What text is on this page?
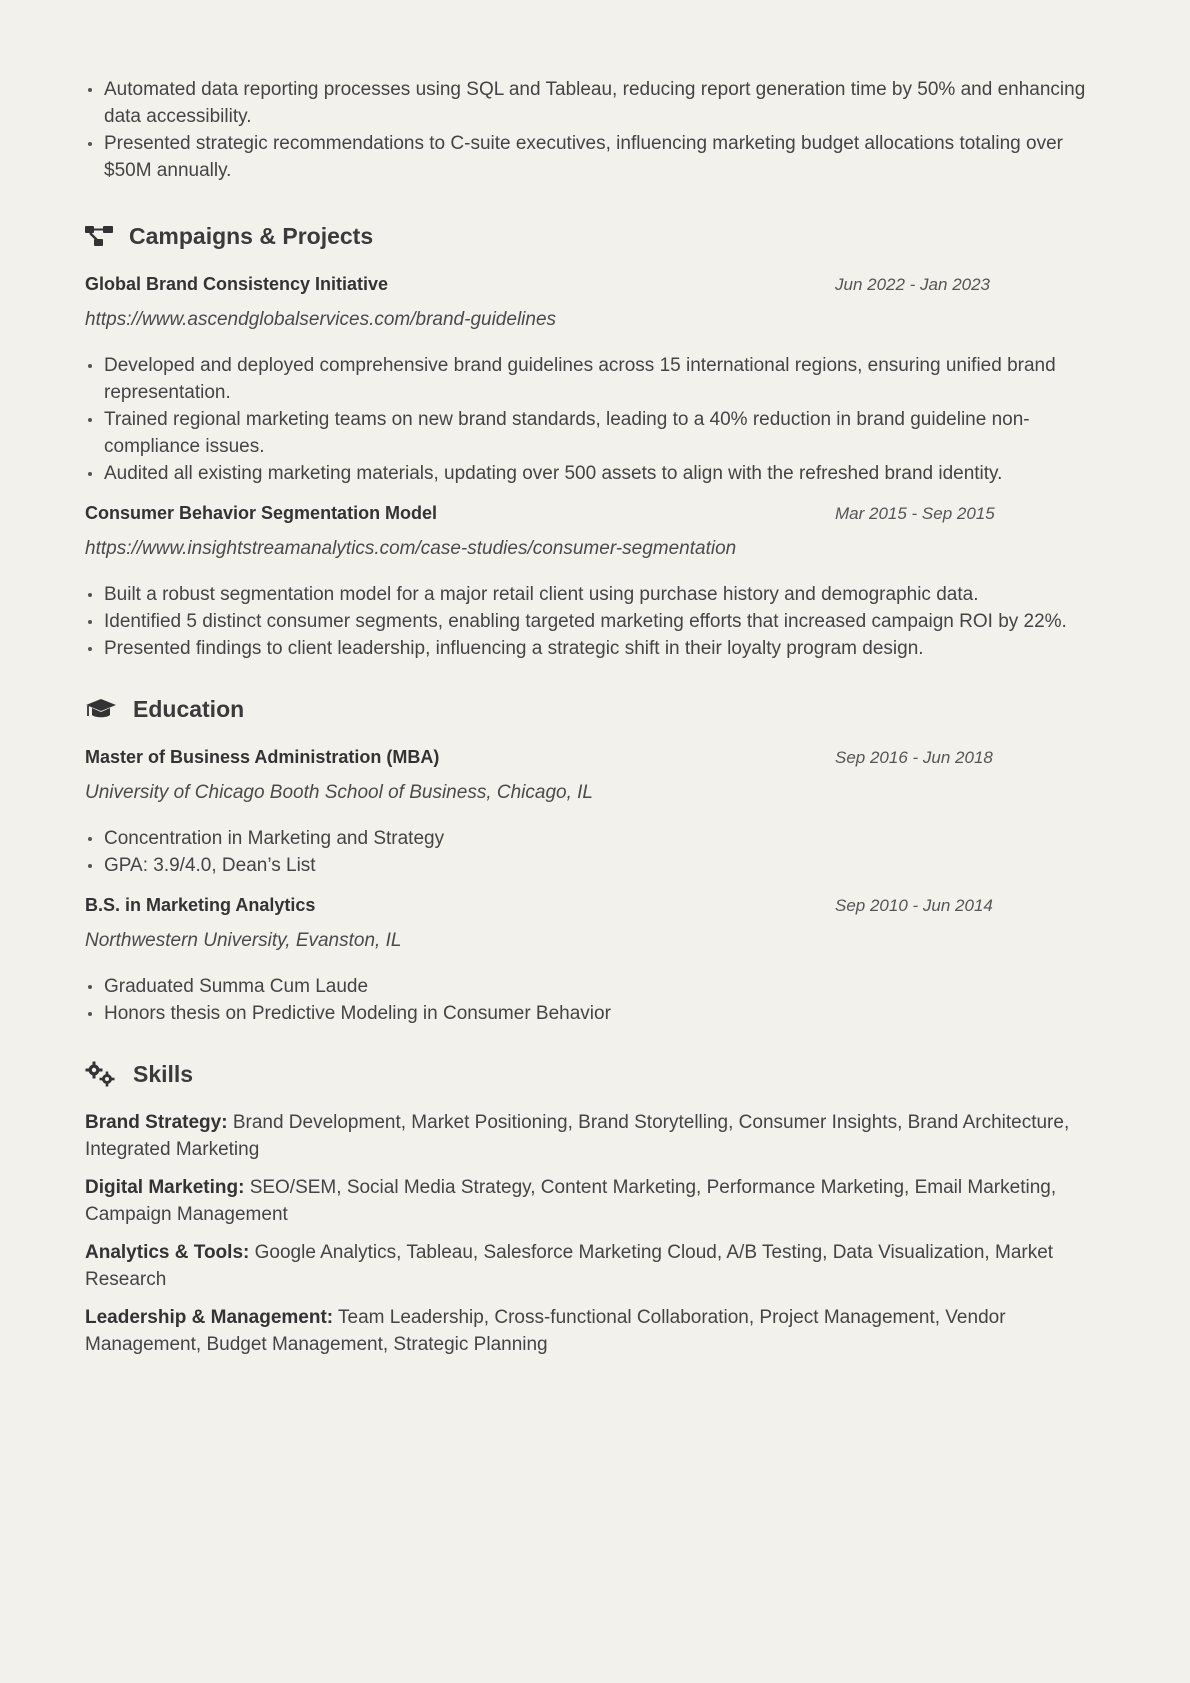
Automated data reporting processes using SQL and Tableau, reducing report generation time by 50% and enhancing data accessibility.
Presented strategic recommendations to C-suite executives, influencing marketing budget allocations totaling over $50M annually.
Campaigns & Projects
Global Brand Consistency Initiative	Jun 2022 - Jan 2023
https://www.ascendglobalservices.com/brand-guidelines
Developed and deployed comprehensive brand guidelines across 15 international regions, ensuring unified brand representation.
Trained regional marketing teams on new brand standards, leading to a 40% reduction in brand guideline non-compliance issues.
Audited all existing marketing materials, updating over 500 assets to align with the refreshed brand identity.
Consumer Behavior Segmentation Model	Mar 2015 - Sep 2015
https://www.insightstreamanalytics.com/case-studies/consumer-segmentation
Built a robust segmentation model for a major retail client using purchase history and demographic data.
Identified 5 distinct consumer segments, enabling targeted marketing efforts that increased campaign ROI by 22%.
Presented findings to client leadership, influencing a strategic shift in their loyalty program design.
Education
Master of Business Administration (MBA)	Sep 2016 - Jun 2018
University of Chicago Booth School of Business, Chicago, IL
Concentration in Marketing and Strategy
GPA: 3.9/4.0, Dean’s List
B.S. in Marketing Analytics	Sep 2010 - Jun 2014
Northwestern University, Evanston, IL
Graduated Summa Cum Laude
Honors thesis on Predictive Modeling in Consumer Behavior
Skills
Brand Strategy: Brand Development, Market Positioning, Brand Storytelling, Consumer Insights, Brand Architecture, Integrated Marketing
Digital Marketing: SEO/SEM, Social Media Strategy, Content Marketing, Performance Marketing, Email Marketing, Campaign Management
Analytics & Tools: Google Analytics, Tableau, Salesforce Marketing Cloud, A/B Testing, Data Visualization, Market Research
Leadership & Management: Team Leadership, Cross-functional Collaboration, Project Management, Vendor Management, Budget Management, Strategic Planning
